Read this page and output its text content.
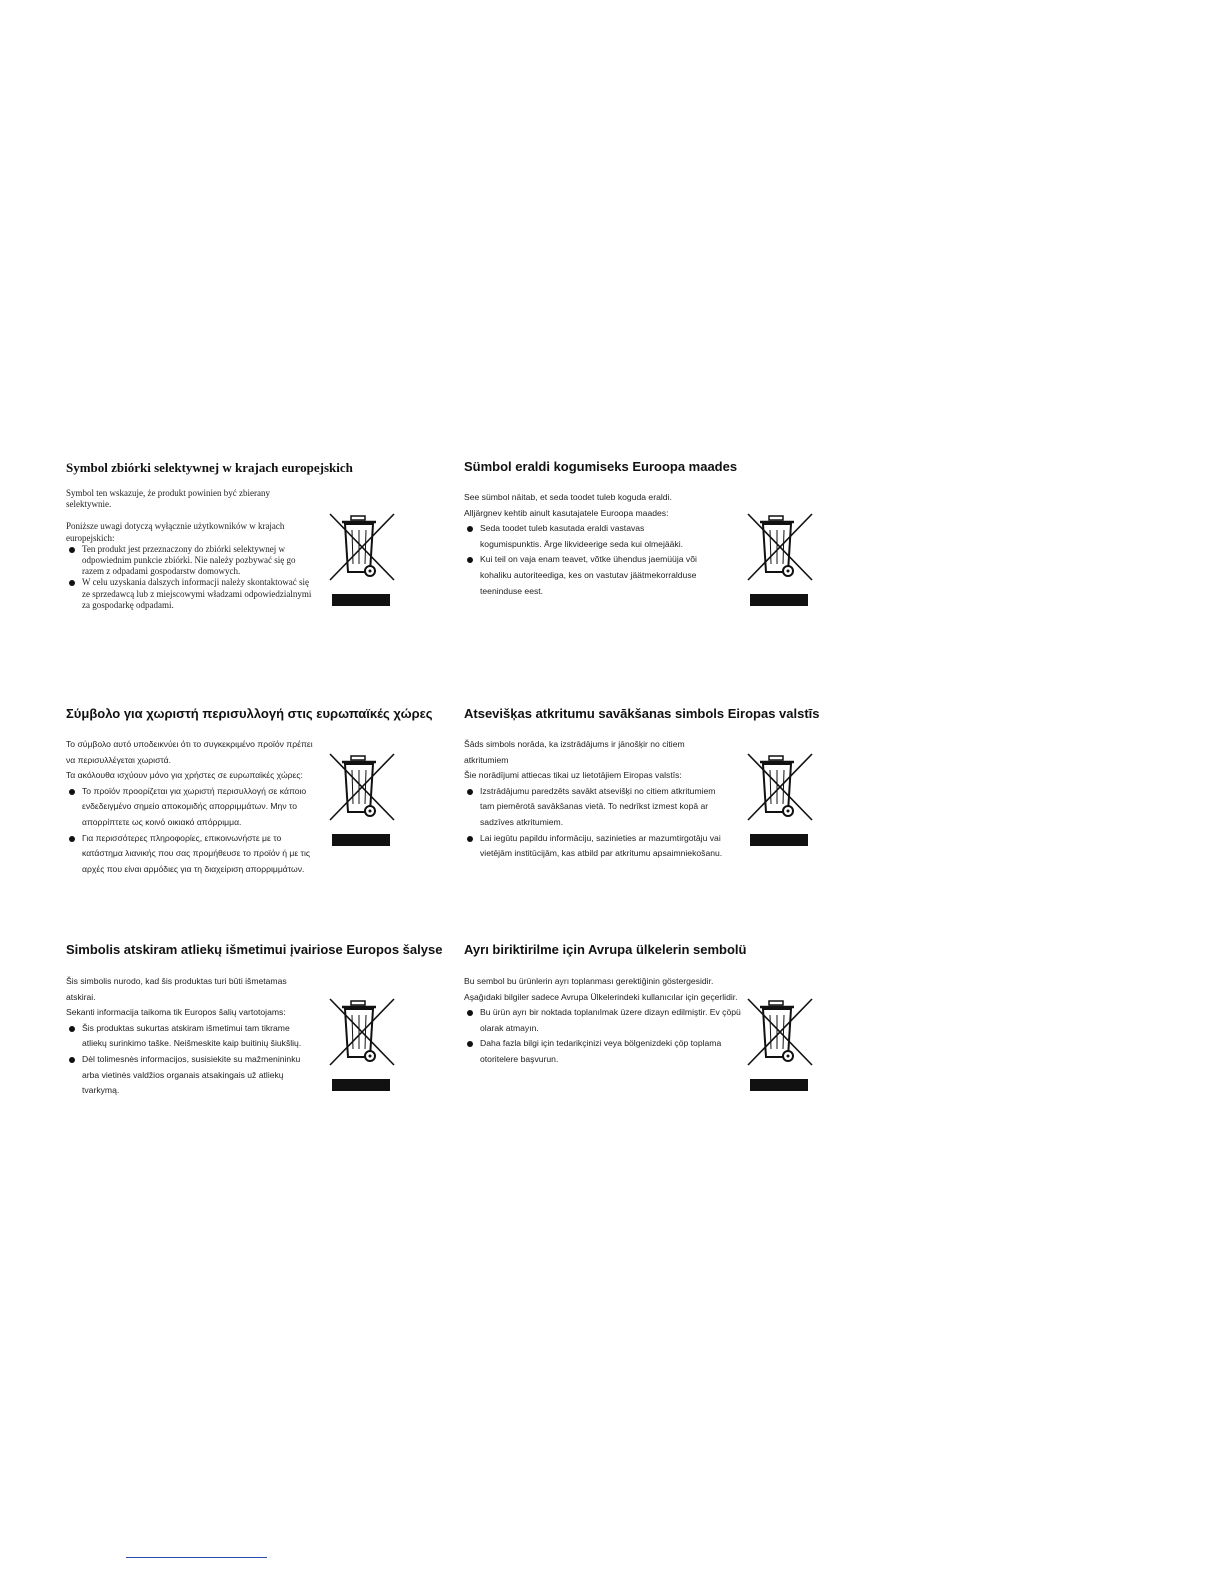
Symbol zbiórki selektywnej w krajach europejskich

Symbol ten wskazuje, że produkt powinien być zbierany selektywnie.

Poniższe uwagi dotyczą wyłącznie użytkowników w krajach europejskich:

Ten produkt jest przeznaczony do zbiórki selektywnej w odpowiednim punkcie zbiórki. Nie należy pozbywać się go razem z odpadami gospodarstw domowych.
W celu uzyskania dalszych informacji należy skontaktować się ze sprzedawcą lub z miejscowymi władzami odpowiedzialnymi za gospodarkę odpadami.
Sümbol eraldi kogumiseks Euroopa maades

See sümbol näitab, et seda toodet tuleb koguda eraldi.

Alljärgnev kehtib ainult kasutajatele Euroopa maades:

Seda toodet tuleb kasutada eraldi vastavas kogumispunktis. Ärge likvideerige seda kui olmejääki.
Kui teil on vaja enam teavet, võtke ühendus jaemüüja või kohaliku autoriteediga, kes on vastutav jäätmekorralduse teeninduse eest.
Σύμβολο για χωριστή περισυλλογή στις ευρωπαϊκές χώρες

Το σύμβολο αυτό υποδεικνύει ότι το συγκεκριμένο προϊόν πρέπει να περισυλλέγεται χωριστά.

Τα ακόλουθα ισχύουν μόνο για χρήστες σε ευρωπαϊκές χώρες:

Το προϊόν προορίζεται για χωριστή περισυλλογή σε κάποιο ενδεδειγμένο σημείο αποκομιδής απορριμμάτων. Μην το απορρίπτετε ως κοινό οικιακό απόρριμμα.
Για περισσότερες πληροφορίες, επικοινωνήστε με το κατάστημα λιανικής που σας προμήθευσε το προϊόν ή με τις αρχές που είναι αρμόδιες για τη διαχείριση απορριμμάτων.
Atsevišķas atkritumu savākšanas simbols Eiropas valstīs

Šāds simbols norāda, ka izstrādājums ir jānošķir no citiem atkritumiem

Šie norādījumi attiecas tikai uz lietotājiem Eiropas valstīs:

Izstrādājumu paredzēts savākt atsevišķi no citiem atkritumiem tam piemērotā savākšanas vietā. To nedrīkst izmest kopā ar sadzīves atkritumiem.
Lai iegūtu papildu informāciju, sazinieties ar mazumtirgotāju vai vietējām institūcijām, kas atbild par atkritumu apsaimniekošanu.
Simbolis atskiram atliekų išmetimui įvairiose Europos šalyse

Šis simbolis nurodo, kad šis produktas turi būti išmetamas atskirai.

Sekanti informacija taikoma tik Europos šalių vartotojams:

Šis produktas sukurtas atskiram išmetimui tam tikrame atliekų surinkimo taške. Neišmeskite kaip buitinių šiukšlių.
Dėl tolimesnės informacijos, susisiekite su mažmenininku arba vietinės valdžios organais atsakingais už atliekų tvarkymą.
Ayrı biriktirilme için Avrupa ülkelerin sembolü

Bu sembol bu ürünlerin ayrı toplanması gerektiğinin göstergesidir.

Aşağıdaki bilgiler sadece Avrupa Ülkelerindeki kullanıcılar için geçerlidir.

Bu ürün ayrı bir noktada toplanılmak üzere dizayn edilmiştir. Ev çöpü olarak atmayın.
Daha fazla bilgi için tedarikçinizi veya bölgenizdeki çöp toplama otoritelere başvurun.
